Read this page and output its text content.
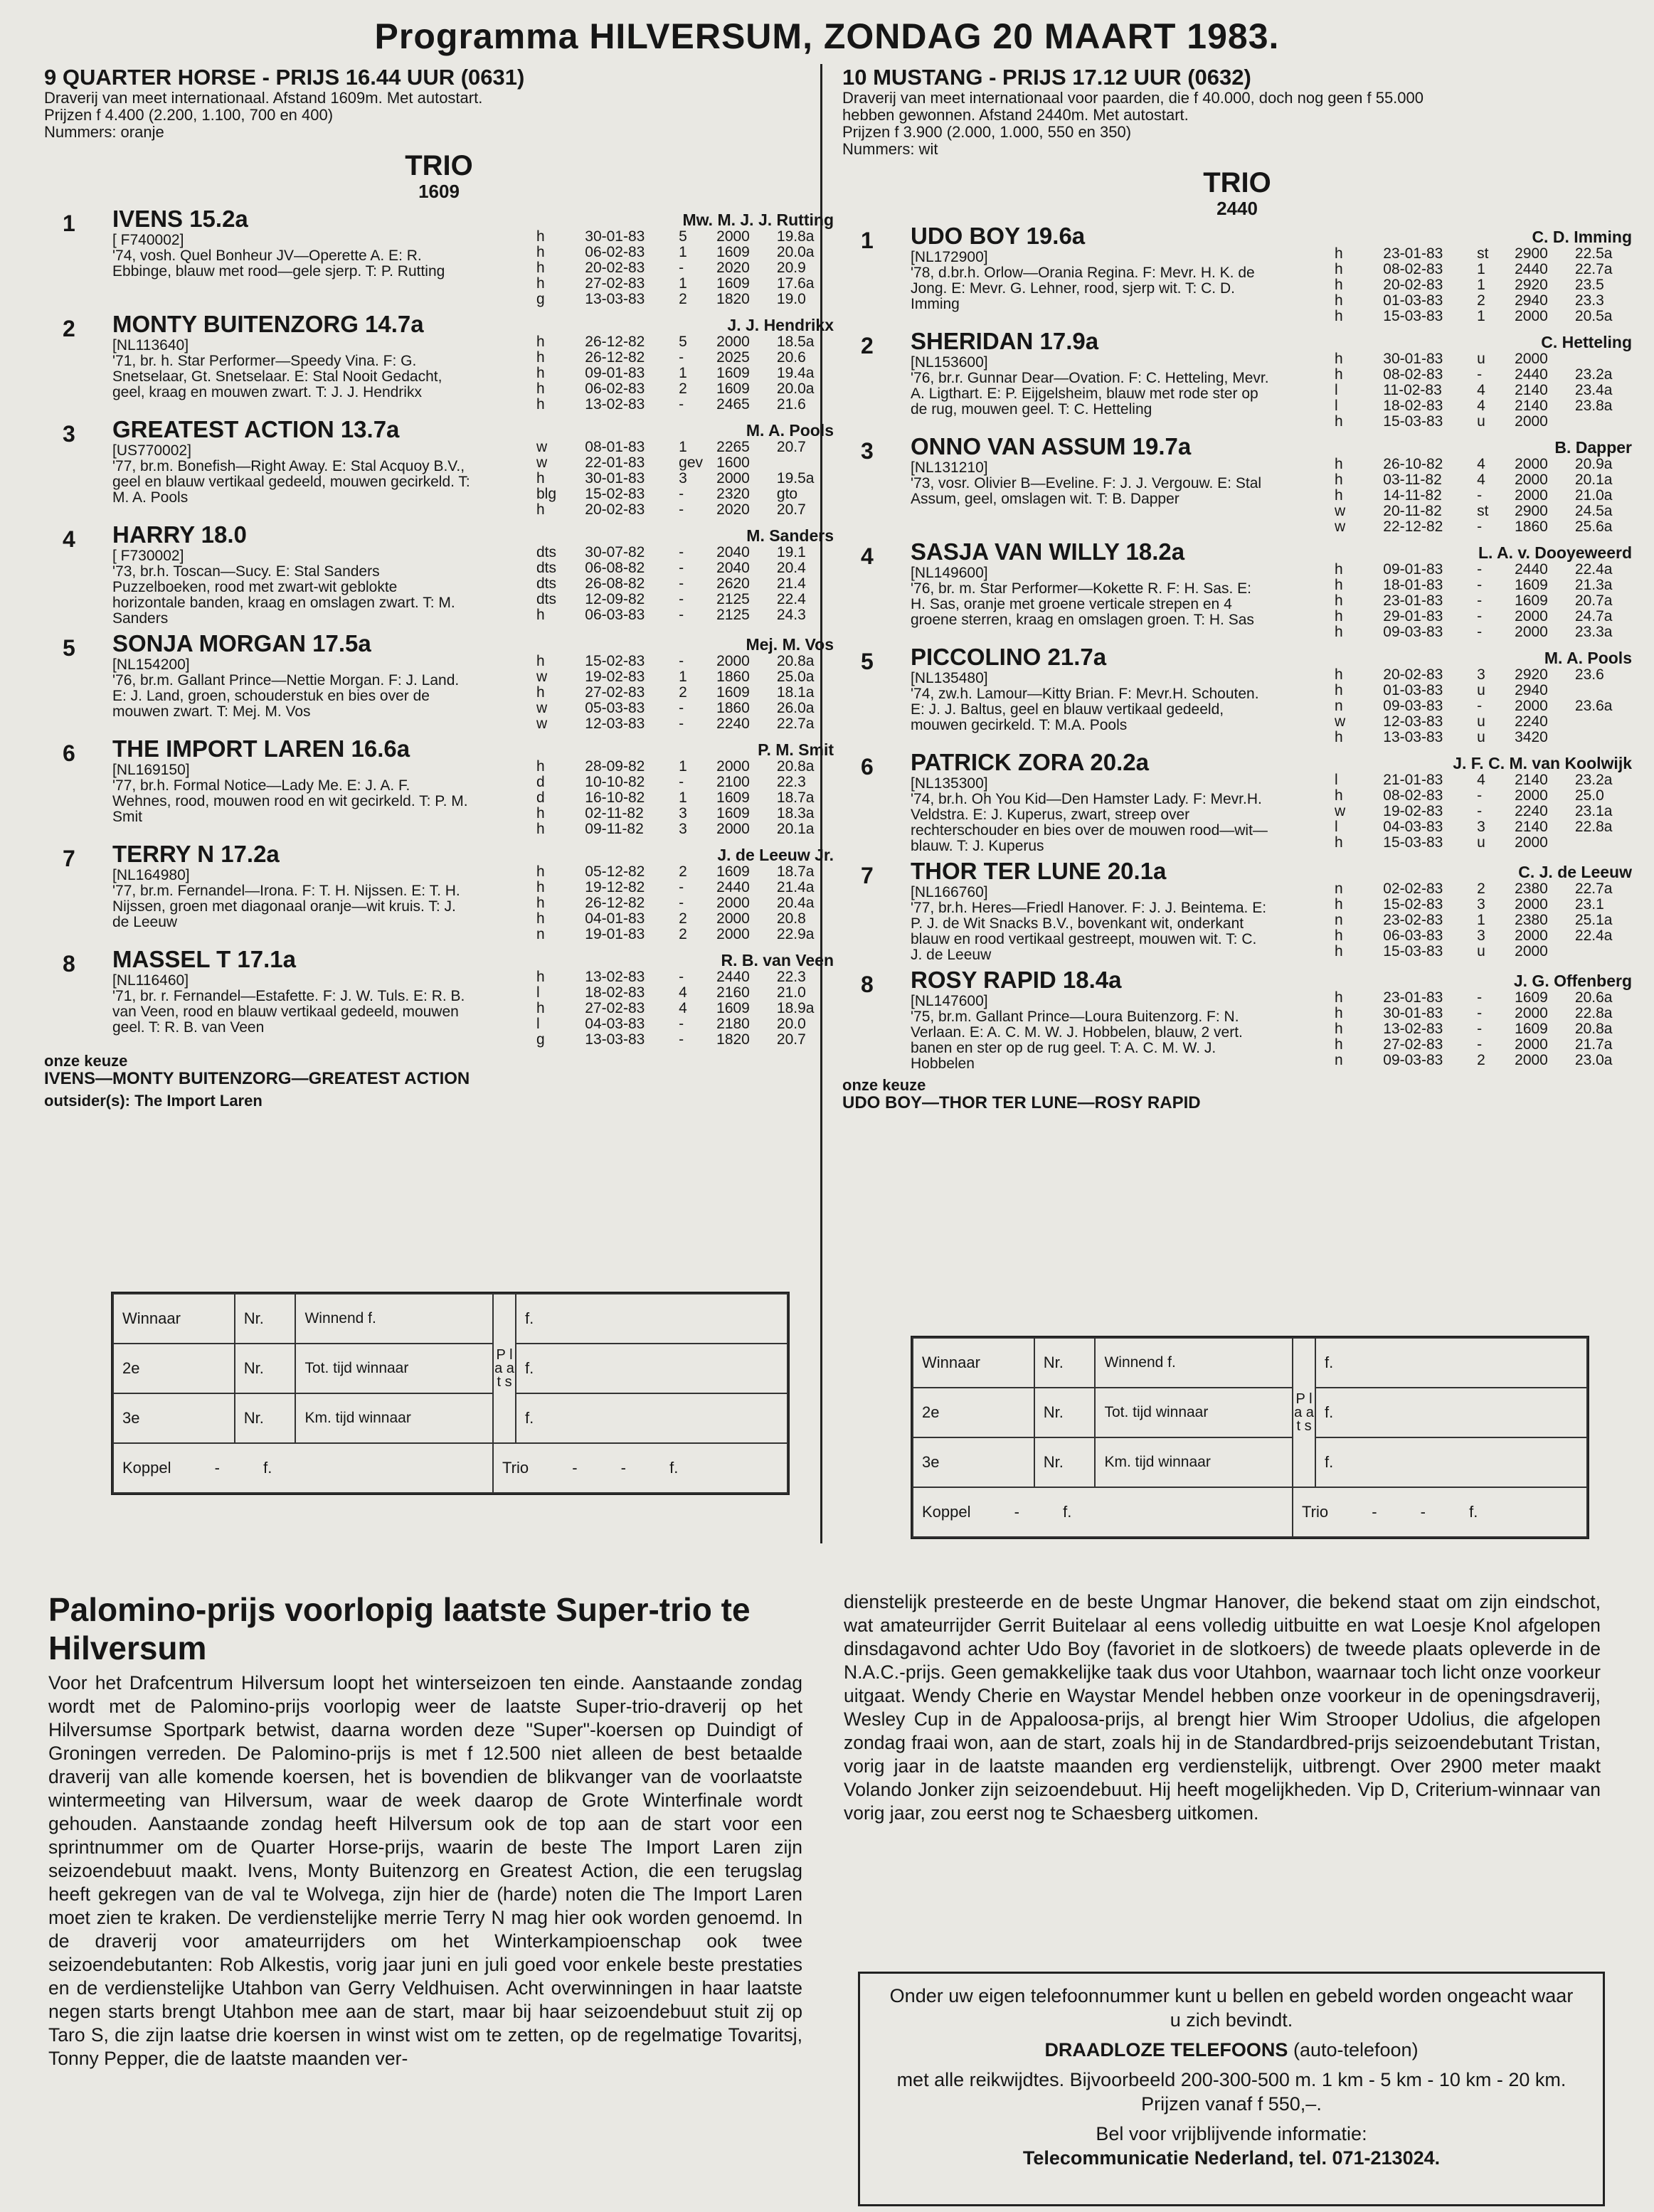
Programma HILVERSUM, ZONDAG 20 MAART 1983.
9 QUARTER HORSE - PRIJS 16.44 UUR (0631)
Draverij van meet internationaal. Afstand 1609m. Met autostart.
Prijzen f 4.400 (2.200, 1.100, 700 en 400)
Nummers: oranje
TRIO
1609
1 IVENS 15.2a
[ F740002]
'74, vosh. Quel Bonheur JV—Operette A. E: R. Ebbinge, blauw met rood—gele sjerp. T: P. Rutting
Mw. M. J. J. Rutting
h	30-01-83	5	2000	19.8a
h	06-02-83	1	1609	20.0a
h	20-02-83	-	2020	20.9
h	27-02-83	1	1609	17.6a
g	13-03-83	2	1820	19.0
2 MONTY BUITENZORG 14.7a
[NL113640]
'71, br. h. Star Performer—Speedy Vina. F: G. Snetselaar, Gt. Snetselaar. E: Stal Nooit Gedacht, geel, kraag en mouwen zwart. T: J. J. Hendrikx
J. J. Hendrikx
h	26-12-82	5	2000	18.5a
h	26-12-82	-	2025	20.6
h	09-01-83	1	1609	19.4a
h	06-02-83	2	1609	20.0a
h	13-02-83	-	2465	21.6
3 GREATEST ACTION 13.7a
[US770002]
'77, br.m. Bonefish—Right Away. E: Stal Acquoy B.V., geel en blauw vertikaal gedeeld, mouwen gecirkeld. T: M. A. Pools
M. A. Pools
w	08-01-83	1	2265	20.7
w	22-01-83	gev	1600	
h	30-01-83	3	2000	19.5a
blg	15-02-83	-	2320	gto
h	20-02-83	-	2020	20.7
4 HARRY 18.0
[ F730002]
'73, br.h. Toscan—Sucy. E: Stal Sanders Puzzelboeken, rood met zwart-wit geblokte horizontale banden, kraag en omslagen zwart. T: M. Sanders
M. Sanders
dts	30-07-82	-	2040	19.1
dts	06-08-82	-	2040	20.4
dts	26-08-82	-	2620	21.4
dts	12-09-82	-	2125	22.4
h	06-03-83	-	2125	24.3
5 SONJA MORGAN 17.5a
[NL154200]
'76, br.m. Gallant Prince—Nettie Morgan. F: J. Land. E: J. Land, groen, schouderstuk en bies over de mouwen zwart. T: Mej. M. Vos
Mej. M. Vos
h	15-02-83	-	2000	20.8a
w	19-02-83	1	1860	25.0a
h	27-02-83	2	1609	18.1a
w	05-03-83	-	1860	26.0a
w	12-03-83	-	2240	22.7a
6 THE IMPORT LAREN 16.6a
[NL169150]
'77, br.h. Formal Notice—Lady Me. E: J. A. F. Wehnes, rood, mouwen rood en wit gecirkeld. T: P. M. Smit
P. M. Smit
h	28-09-82	1	2000	20.8a
d	10-10-82	-	2100	22.3
d	16-10-82	1	1609	18.7a
h	02-11-82	3	1609	18.3a
h	09-11-82	3	2000	20.1a
7 TERRY N 17.2a
[NL164980]
'77, br.m. Fernandel—Irona. F: T. H. Nijssen. E: T. H. Nijssen, groen met diagonaal oranje—wit kruis. T: J. de Leeuw
J. de Leeuw Jr.
h	05-12-82	2	1609	18.7a
h	19-12-82	-	2440	21.4a
h	26-12-82	-	2000	20.4a
h	04-01-83	2	2000	20.8
n	19-01-83	2	2000	22.9a
8 MASSEL T 17.1a
[NL116460]
'71, br. r. Fernandel—Estafette. F: J. W. Tuls. E: R. B. van Veen, rood en blauw vertikaal gedeeld, mouwen geel. T: R. B. van Veen
R. B. van Veen
h	13-02-83	-	2440	22.3
l	18-02-83	4	2160	21.0
h	27-02-83	4	1609	18.9a
l	04-03-83	-	2180	20.0
g	13-03-83	-	1820	20.7
onze keuze
IVENS—MONTY BUITENZORG—GREATEST ACTION
outsider(s): The Import Laren
10 MUSTANG - PRIJS 17.12 UUR (0632)
Draverij van meet internationaal voor paarden, die f 40.000, doch nog geen f 55.000
hebben gewonnen. Afstand 2440m. Met autostart.
Prijzen f 3.900 (2.000, 1.000, 550 en 350)
Nummers: wit
TRIO
2440
1 UDO BOY 19.6a
[NL172900]
'78, d.br.h. Orlow—Orania Regina. F: Mevr. H. K. de Jong. E: Mevr. G. Lehner, rood, sjerp wit. T: C. D. Imming
C. D. Imming
h	23-01-83	st	2900	22.5a
h	08-02-83	1	2440	22.7a
h	20-02-83	1	2920	23.5
h	01-03-83	2	2940	23.3
h	15-03-83	1	2000	20.5a
2 SHERIDAN 17.9a
[NL153600]
'76, br.r. Gunnar Dear—Ovation. F: C. Hetteling, Mevr. A. Ligthart. E: P. Eijgelsheim, blauw met rode ster op de rug, mouwen geel. T: C. Hetteling
C. Hetteling
h	30-01-83	u	2000	
h	08-02-83	-	2440	23.2a
l	11-02-83	4	2140	23.4a
l	18-02-83	4	2140	23.8a
h	15-03-83	u	2000	
3 ONNO VAN ASSUM 19.7a
[NL131210]
'73, vosr. Olivier B—Eveline. F: J. J. Vergouw. E: Stal Assum, geel, omslagen wit. T: B. Dapper
B. Dapper
h	26-10-82	4	2000	20.9a
h	03-11-82	4	2000	20.1a
h	14-11-82	-	2000	21.0a
w	20-11-82	st	2900	24.5a
w	22-12-82	-	1860	25.6a
4 SASJA VAN WILLY 18.2a
[NL149600]
'76, br. m. Star Performer—Kokette R. F: H. Sas. E: H. Sas, oranje met groene verticale strepen en 4 groene sterren, kraag en omslagen groen. T: H. Sas
L. A. v. Dooyeweerd
h	09-01-83	-	2440	22.4a
h	18-01-83	-	1609	21.3a
h	23-01-83	-	1609	20.7a
h	29-01-83	-	2000	24.7a
h	09-03-83	-	2000	23.3a
5 PICCOLINO 21.7a
[NL135480]
'74, zw.h. Lamour—Kitty Brian. F: Mevr.H. Schouten. E: J. J. Baltus, geel en blauw vertikaal gedeeld, mouwen gecirkeld. T: M.A. Pools
M. A. Pools
h	20-02-83	3	2920	23.6
h	01-03-83	u	2940	
n	09-03-83	-	2000	23.6a
w	12-03-83	u	2240	
h	13-03-83	u	3420	
6 PATRICK ZORA 20.2a
[NL135300]
'74, br.h. Oh You Kid—Den Hamster Lady. F: Mevr.H. Veldstra. E: J. Kuperus, zwart, streep over rechterschouder en bies over de mouwen rood—wit—blauw. T: J. Kuperus
J. F. C. M. van Koolwijk
l	21-01-83	4	2140	23.2a
h	08-02-83	-	2000	25.0
w	19-02-83	-	2240	23.1a
l	04-03-83	3	2140	22.8a
h	15-03-83	u	2000	
7 THOR TER LUNE 20.1a
[NL166760]
'77, br.h. Heres—Friedl Hanover. F: J. J. Beintema. E: P. J. de Wit Snacks B.V., bovenkant wit, onderkant blauw en rood vertikaal gestreept, mouwen wit. T: C. J. de Leeuw
C. J. de Leeuw
n	02-02-83	2	2380	22.7a
h	15-02-83	3	2000	23.1
n	23-02-83	1	2380	25.1a
h	06-03-83	3	2000	22.4a
h	15-03-83	u	2000	
8 ROSY RAPID 18.4a
[NL147600]
'75, br.m. Gallant Prince—Loura Buitenzorg. F: N. Verlaan. E: A. C. M. W. J. Hobbelen, blauw, 2 vert. banen en ster op de rug geel. T: A. C. M. W. J. Hobbelen
J. G. Offenberg
h	23-01-83	-	1609	20.6a
h	30-01-83	-	2000	22.8a
h	13-02-83	-	1609	20.8a
h	27-02-83	-	2000	21.7a
n	09-03-83	2	2000	23.0a
onze keuze
UDO BOY—THOR TER LUNE—ROSY RAPID
Winnaar	Nr.	Winnend f.	P l a a t s	f.
2e	Nr.	Tot. tijd winnaar		f.
3e	Nr.	Km. tijd winnaar		f.
Koppel          -          f.			Trio          -          -          f.	
Winnaar	Nr.	Winnend f.	P l a a t s	f.
2e	Nr.	Tot. tijd winnaar		f.
3e	Nr.	Km. tijd winnaar		f.
Koppel          -          f.			Trio          -          -          f.	
Palomino-prijs voorlopig laatste Super-trio te Hilversum
Voor het Drafcentrum Hilversum loopt het winterseizoen ten einde. Aanstaande zondag wordt met de Palomino-prijs voorlopig weer de laatste Super-trio-draverij op het Hilversumse Sportpark betwist, daarna worden deze "Super"-koersen op Duindigt of Groningen verreden. De Palomino-prijs is met f 12.500 niet alleen de best betaalde draverij van alle komende koersen, het is bovendien de blikvanger van de voorlaatste wintermeeting van Hilversum, waar de week daarop de Grote Winterfinale wordt gehouden. Aanstaande zondag heeft Hilversum ook de top aan de start voor een sprintnummer om de Quarter Horse-prijs, waarin de beste The Import Laren zijn seizoendebuut maakt. Ivens, Monty Buitenzorg en Greatest Action, die een terugslag heeft gekregen van de val te Wolvega, zijn hier de (harde) noten die The Import Laren moet zien te kraken. De verdienstelijke merrie Terry N mag hier ook worden genoemd. In de draverij voor amateurrijders om het Winterkampioenschap ook twee seizoendebutanten: Rob Alkestis, vorig jaar juni en juli goed voor enkele beste prestaties en de verdienstelijke Utahbon van Gerry Veldhuisen. Acht overwinningen in haar laatste negen starts brengt Utahbon mee aan de start, maar bij haar seizoendebuut stuit zij op Taro S, die zijn laatse drie koersen in winst wist om te zetten, op de regelmatige Tovaritsj, Tonny Pepper, die de laatste maanden ver-
dienstelijk presteerde en de beste Ungmar Hanover, die bekend staat om zijn eindschot, wat amateurrijder Gerrit Buitelaar al eens volledig uitbuitte en wat Loesje Knol afgelopen dinsdagavond achter Udo Boy (favoriet in de slotkoers) de tweede plaats opleverde in de N.A.C.-prijs. Geen gemakkelijke taak dus voor Utahbon, waarnaar toch licht onze voorkeur uitgaat. Wendy Cherie en Waystar Mendel hebben onze voorkeur in de openingsdraverij, Wesley Cup in de Appaloosa-prijs, al brengt hier Wim Strooper Udolius, die afgelopen zondag fraai won, aan de start, zoals hij in de Standardbred-prijs seizoendebutant Tristan, vorig jaar in de laatste maanden erg verdienstelijk, uitbrengt. Over 2900 meter maakt Volando Jonker zijn seizoendebuut. Hij heeft mogelijkheden. Vip D, Criterium-winnaar van vorig jaar, zou eerst nog te Schaesberg uitkomen.

Onder uw eigen telefoonnummer kunt u bellen en gebeld worden ongeacht waar u zich bevindt.

DRAADLOZE TELEFOONS (auto-telefoon)

met alle reikwijdtes. Bijvoorbeeld 200-300-500 m. 1 km - 5 km - 10 km - 20 km. Prijzen vanaf f 550,–.

Bel voor vrijblijvende informatie:

Telecommunicatie Nederland, tel. 071-213024.
